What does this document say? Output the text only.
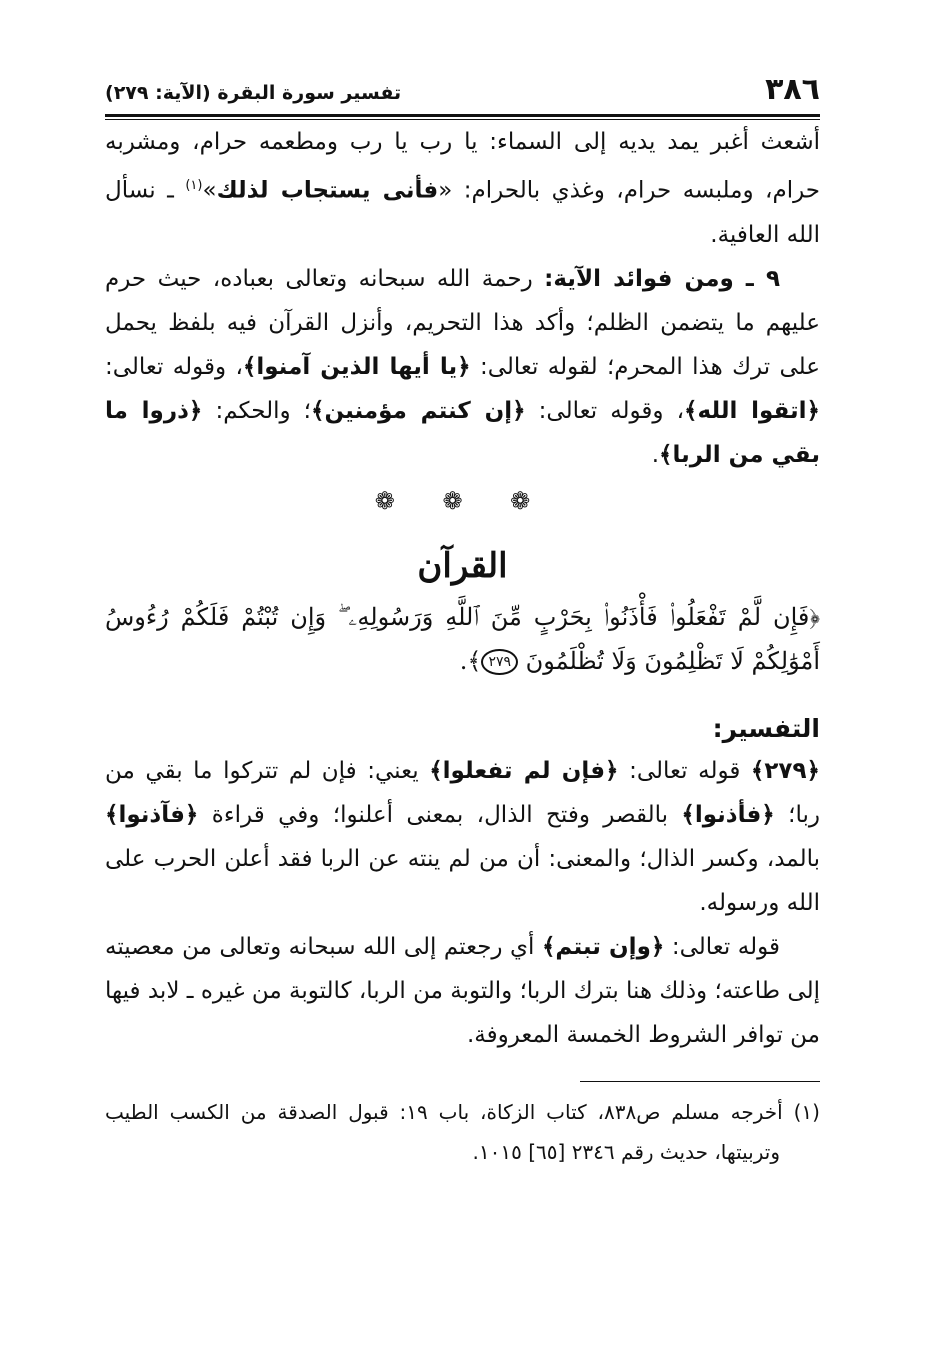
٣٨٦
تفسير سورة البقرة (الآية: ٢٧٩)

أشعث أغبر يمد يديه إلى السماء: يا رب يا رب ومطعمه حرام، ومشربه حرام، وملبسه حرام، وغذي بالحرام: «فأنى يستجاب لذلك»$^{(١)}$ ـ نسأل الله العافية.

٩ ـ ومن فوائد الآية: رحمة الله سبحانه وتعالى بعباده، حيث حرم عليهم ما يتضمن الظلم؛ وأكد هذا التحريم، وأنزل القرآن فيه بلفظ يحمل على ترك هذا المحرم؛ لقوله تعالى: ﴿يا أيها الذين آمنوا﴾، وقوله تعالى: ﴿اتقوا الله﴾، وقوله تعالى: ﴿إن كنتم مؤمنين﴾؛ والحكم: ﴿ذروا ما بقي من الربا﴾.

❁ ❁ ❁
القرآن

﴿فَإِن لَّمْ تَفْعَلُوا۟ فَأْذَنُوا۟ بِحَرْبٍ مِّنَ ٱللَّهِ وَرَسُولِهِۦ ۖ وَإِن تُبْتُمْ فَلَكُمْ رُءُوسُ أَمْوَٰلِكُمْ لَا تَظْلِمُونَ وَلَا تُظْلَمُونَ ٢٧٩﴾.

التفسير:

﴿٢٧٩﴾ قوله تعالى: ﴿فإن لم تفعلوا﴾ يعني: فإن لم تتركوا ما بقي من ربا؛ ﴿فأذنوا﴾ بالقصر وفتح الذال، بمعنى أعلنوا؛ وفي قراءة ﴿فآذنوا﴾ بالمد، وكسر الذال؛ والمعنى: أن من لم ينته عن الربا فقد أعلن الحرب على الله ورسوله.

قوله تعالى: ﴿وإن تبتم﴾ أي رجعتم إلى الله سبحانه وتعالى من معصيته إلى طاعته؛ وذلك هنا بترك الربا؛ والتوبة من الربا، كالتوبة من غيره ـ لابد فيها من توافر الشروط الخمسة المعروفة.

(١) أخرجه مسلم ص٨٣٨، كتاب الزكاة، باب ١٩: قبول الصدقة من الكسب الطيب وتربيتها، حديث رقم ٢٣٤٦ [٦٥] ١٠١٥.
